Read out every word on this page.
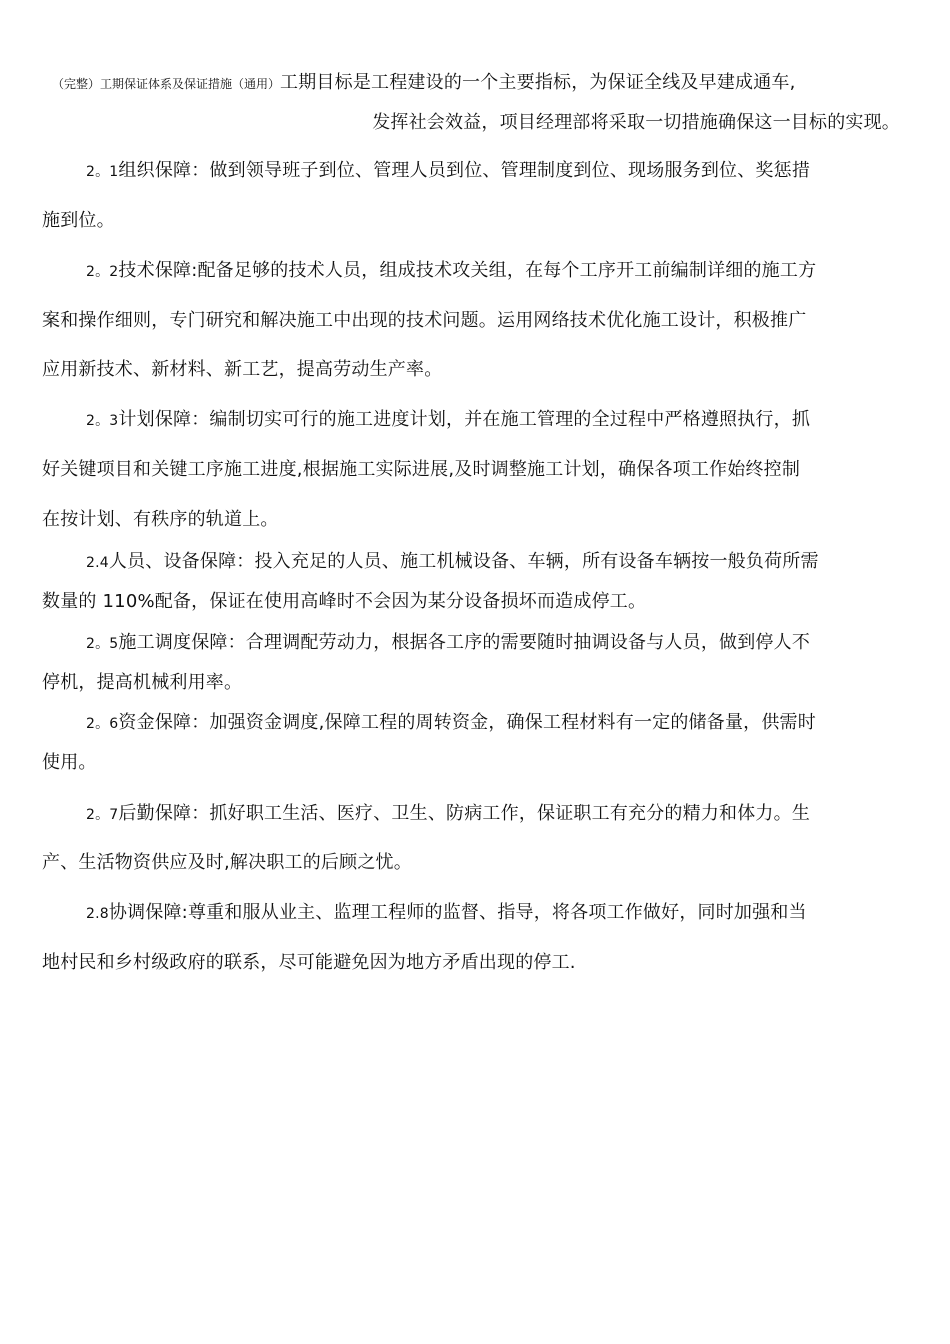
（完整）工期保证体系及保证措施（通用）工期目标是工程建设的一个主要指标，为保证全线及早建成通车,
发挥社会效益，项目经理部将采取一切措施确保这一目标的实现。
2。1组织保障：做到领导班子到位、管理人员到位、管理制度到位、现场服务到位、奖惩措
施到位。
2。2技术保障:配备足够的技术人员，组成技术攻关组，在每个工序开工前编制详细的施工方
案和操作细则，专门研究和解决施工中出现的技术问题。运用网络技术优化施工设计，积极推广
应用新技术、新材料、新工艺，提高劳动生产率。
2。3计划保障：编制切实可行的施工进度计划，并在施工管理的全过程中严格遵照执行，抓
好关键项目和关键工序施工进度,根据施工实际进展,及时调整施工计划，确保各项工作始终控制
在按计划、有秩序的轨道上。
2.4人员、设备保障：投入充足的人员、施工机械设备、车辆，所有设备车辆按一般负荷所需
数量的 110%配备，保证在使用高峰时不会因为某分设备损坏而造成停工。
2。5施工调度保障：合理调配劳动力，根据各工序的需要随时抽调设备与人员，做到停人不
停机，提高机械利用率。
2。6资金保障：加强资金调度,保障工程的周转资金，确保工程材料有一定的储备量，供需时
使用。
2。7后勤保障：抓好职工生活、医疗、卫生、防病工作，保证职工有充分的精力和体力。生
产、生活物资供应及时,解决职工的后顾之忧。
2.8协调保障:尊重和服从业主、监理工程师的监督、指导，将各项工作做好，同时加强和当
地村民和乡村级政府的联系，尽可能避免因为地方矛盾出现的停工.
